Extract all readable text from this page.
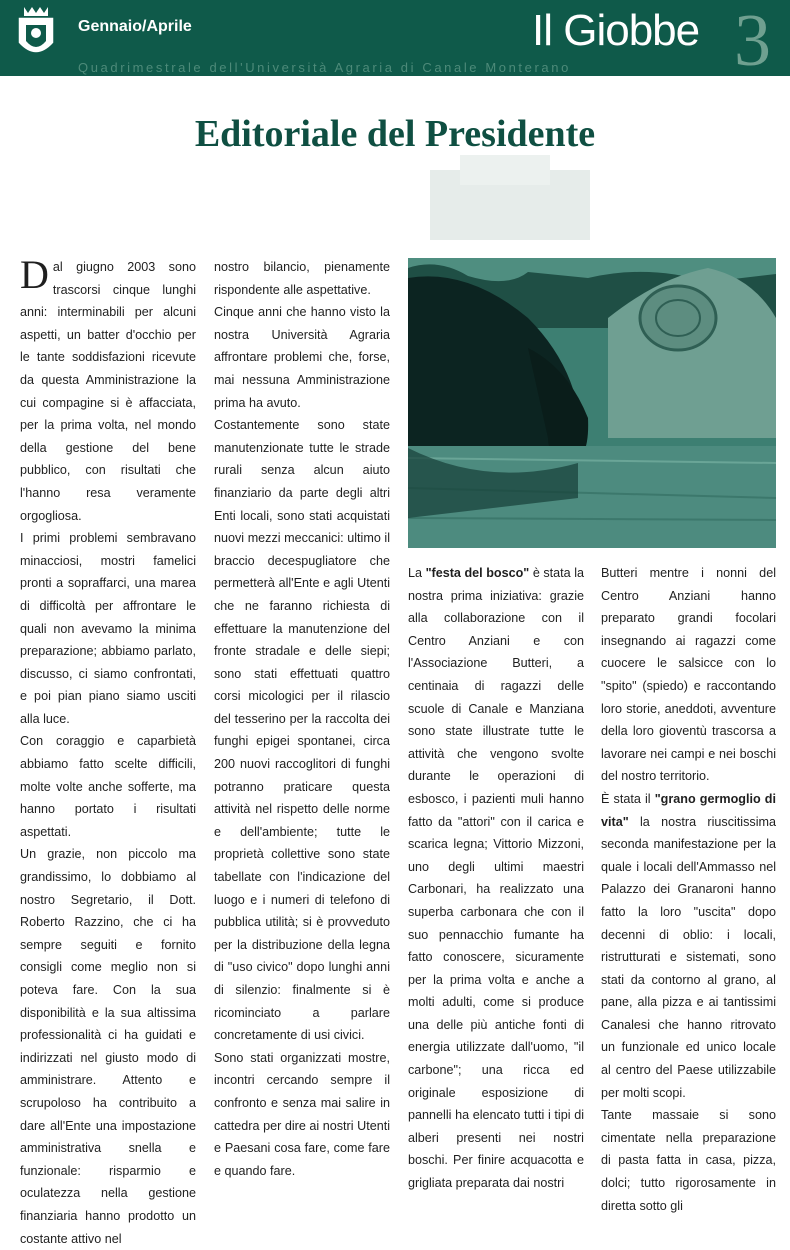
Gennaio/Aprile	Il Giobbe 3
Quadrimestrale dell'Università Agraria di Canale Monterano
Editoriale del Presidente

Dal giugno 2003 sono trascorsi cinque lunghi anni: interminabili per alcuni aspetti, un batter d'occhio per le tante soddisfazioni ricevute da questa Amministrazione la cui compagine si è affacciata, per la prima volta, nel mondo della gestione del bene pubblico, con risultati che l'hanno resa veramente orgogliosa.

I primi problemi sembravano minacciosi, mostri famelici pronti a sopraffarci, una marea di difficoltà per affrontare le quali non avevamo la minima preparazione; abbiamo parlato, discusso, ci siamo confrontati, e poi pian piano siamo usciti alla luce.

Con coraggio e caparbietà abbiamo fatto scelte difficili, molte volte anche sofferte, ma hanno portato i risultati aspettati.

Un grazie, non piccolo ma grandissimo, lo dobbiamo al nostro Segretario, il Dott. Roberto Razzino, che ci ha sempre seguiti e fornito consigli come meglio non si poteva fare. Con la sua disponibilità e la sua altissima professionalità ci ha guidati e indirizzati nel giusto modo di amministrare. Attento e scrupoloso ha contribuito a dare all'Ente una impostazione amministrativa snella e funzionale: risparmio e oculatezza nella gestione finanziaria hanno prodotto un costante attivo nel

nostro bilancio, pienamente rispondente alle aspettative.

Cinque anni che hanno visto la nostra Università Agraria affrontare problemi che, forse, mai nessuna Amministrazione prima ha avuto.

Costantemente sono state manutenzionate tutte le strade rurali senza alcun aiuto finanziario da parte degli altri Enti locali, sono stati acquistati nuovi mezzi meccanici: ultimo il braccio decespugliatore che permetterà all'Ente e agli Utenti che ne faranno richiesta di effettuare la manutenzione del fronte stradale e delle siepi; sono stati effettuati quattro corsi micologici per il rilascio del tesserino per la raccolta dei funghi epigei spontanei, circa 200 nuovi raccoglitori di funghi potranno praticare questa attività nel rispetto delle norme e dell'ambiente; tutte le proprietà collettive sono state tabellate con l'indicazione del luogo e i numeri di telefono di pubblica utilità; si è provveduto per la distribuzione della legna di "uso civico" dopo lunghi anni di silenzio: finalmente si è ricominciato a parlare concretamente di usi civici.

Sono stati organizzati mostre, incontri cercando sempre il confronto e senza mai salire in cattedra per dire ai nostri Utenti e Paesani cosa fare, come fare e quando fare.

La "festa del bosco" è stata la nostra prima iniziativa: grazie alla collaborazione con il Centro Anziani e con l'Associazione Butteri, a centinaia di ragazzi delle scuole di Canale e Manziana sono state illustrate tutte le attività che vengono svolte durante le operazioni di esbosco, i pazienti muli hanno fatto da "attori" con il carica e scarica legna; Vittorio Mizzoni, uno degli ultimi maestri Carbonari, ha realizzato una superba carbonara che con il suo pennacchio fumante ha fatto conoscere, sicuramente per la prima volta e anche a molti adulti, come si produce una delle più antiche fonti di energia utilizzate dall'uomo, "il carbone"; una ricca ed originale esposizione di pannelli ha elencato tutti i tipi di alberi presenti nei nostri boschi. Per finire acquacotta e grigliata preparata dai nostri

Butteri mentre i nonni del Centro Anziani hanno preparato grandi focolari insegnando ai ragazzi come cuocere le salsicce con lo "spito" (spiedo) e raccontando loro storie, aneddoti, avventure della loro gioventù trascorsa a lavorare nei campi e nei boschi del nostro territorio.

È stata il "grano germoglio di vita" la nostra riuscitissima seconda manifestazione per la quale i locali dell'Ammasso nel Palazzo dei Granaroni hanno fatto la loro "uscita" dopo decenni di oblio: i locali, ristrutturati e sistemati, sono stati da contorno al grano, al pane, alla pizza e ai tantissimi Canalesi che hanno ritrovato un funzionale ed unico locale al centro del Paese utilizzabile per molti scopi.

Tante massaie si sono cimentate nella preparazione di pasta fatta in casa, pizza, dolci; tutto rigorosamente in diretta sotto gli
